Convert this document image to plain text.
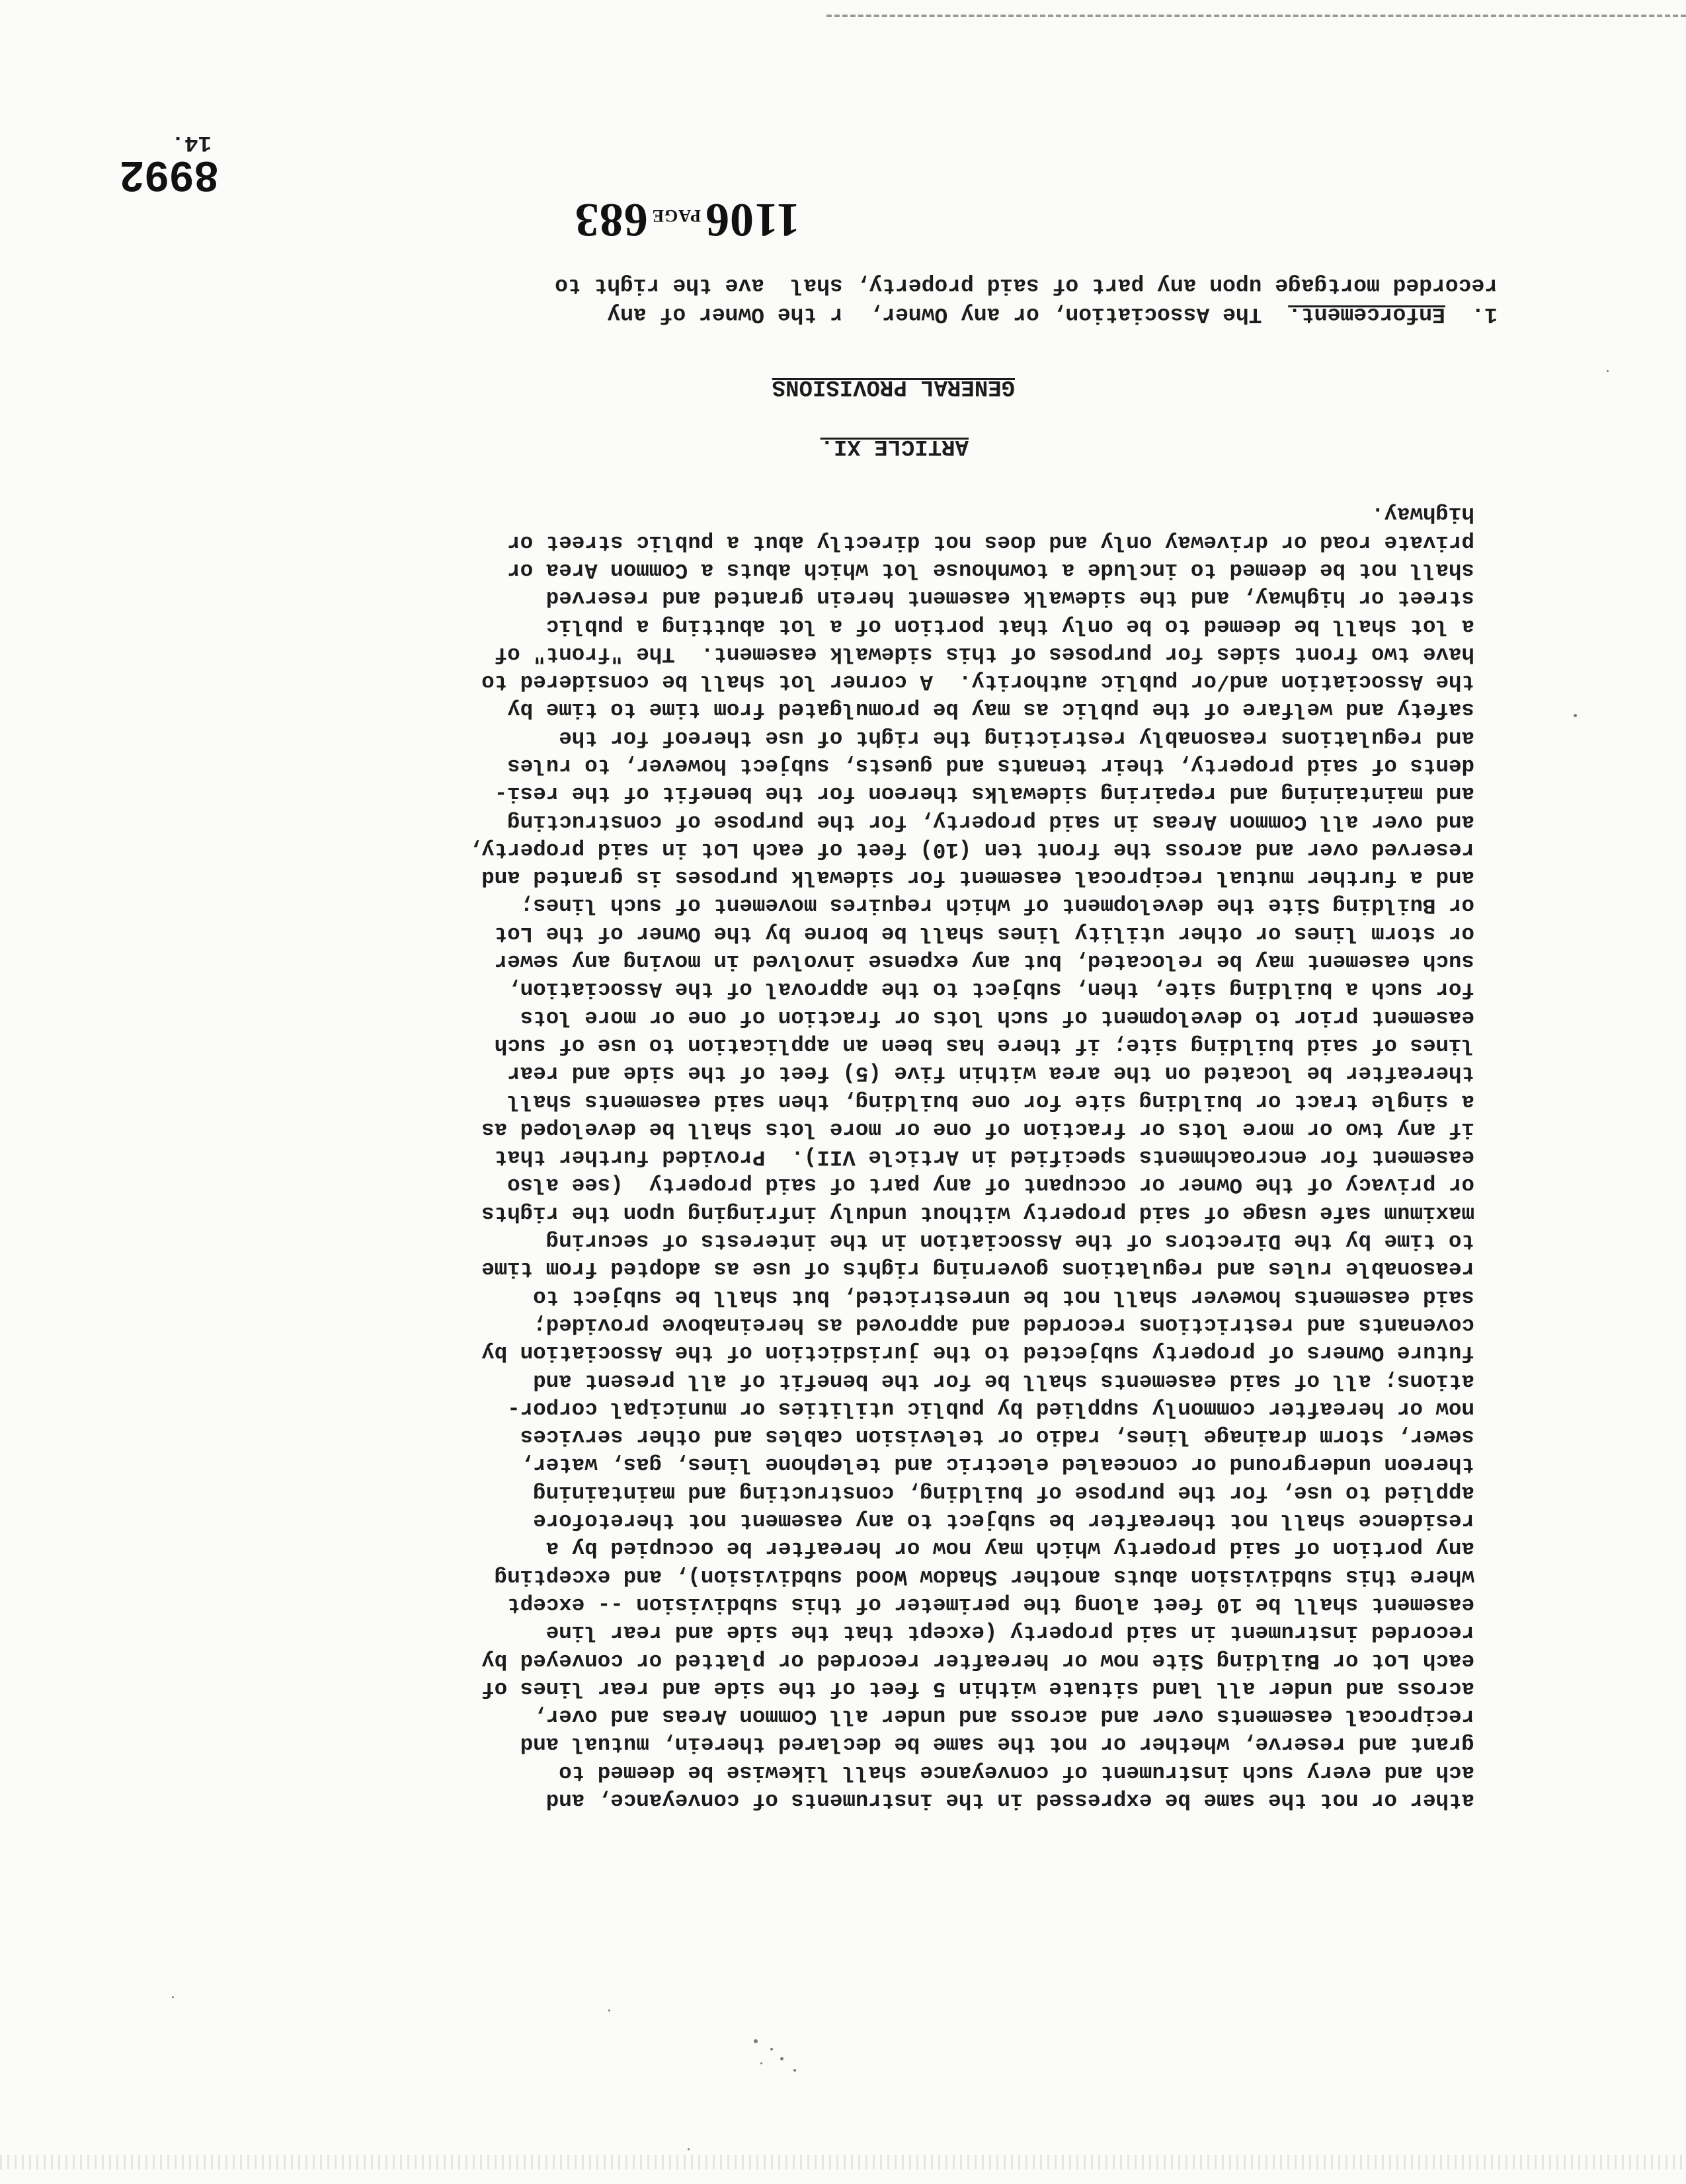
8992
ather or not the same be expressed in the instruments of conveyance, and
ach and every such instrument of conveyance shall likewise be deemed to
grant and reserve, whether or not the same be declared therein, mutual and
reciprocal easements over and across and under all Common Areas and over,
across and under all land situate within 5 feet of the side and rear lines of
each Lot or Building Site now or hereafter recorded or platted or conveyed by
recorded instrument in said property (except that the side and rear line
easement shall be 10 feet along the perimeter of this subdivision -- except
where this subdivision abuts another Shadow Wood subdivision), and excepting
any portion of said property which may now or hereafter be occupied by a
residence shall not thereafter be subject to any easement not theretofore
applied to use, for the purpose of building, constructing and maintaining
thereon underground or concealed electric and telephone lines, gas, water,
sewer, storm drainage lines, radio or television cables and other services
now or hereafter commonly supplied by public utilities or municipal corpor-
ations; all of said easements shall be for the benefit of all present and
future Owners of property subjected to the jurisdiction of the Association by
covenants and restrictions recorded and approved as hereinabove provided;
said easements however shall not be unrestricted, but shall be subject to
reasonable rules and regulations governing rights of use as adopted from time
to time by the Directors of the Association in the interests of securing
maximum safe usage of said property without unduly infringing upon the rights
or privacy of the Owner or occupant of any part of said property  (see also
easement for encroachments specified in Article VII).  Provided further that
if any two or more lots or fraction of one or more lots shall be developed as
a single tract or building site for one building, then said easements shall
thereafter be located on the area within five (5) feet of the side and rear
lines of said building site; if there has been an application to use of such
easement prior to development of such lots or fraction of one or more lots
for such a building site, then, subject to the approval of the Association,
such easement may be relocated, but any expense involved in moving any sewer
or storm lines or other utility lines shall be borne by the Owner of the Lot
or Building Site the development of which requires movement of such lines;
and a further mutual reciprocal easement for sidewalk purposes is granted and
reserved over and across the front ten (10) feet of each Lot in said property,
and over all Common Areas in said property, for the purpose of constructing
and maintaining and repairing sidewalks thereon for the benefit of the resi-
dents of said property, their tenants and guests, subject however, to rules
and regulations reasonably restricting the right of use thereof for the
safety and welfare of the public as may be promulgated from time to time by
the Association and/or public authority.  A corner lot shall be considered to
have two front sides for purposes of this sidewalk easement.  The "front" of
a lot shall be deemed to be only that portion of a lot abutting a public
street or highway, and the sidewalk easement herein granted and reserved
shall not be deemed to include a townhouse lot which abuts a Common Area or
private road or driveway only and does not directly abut a public street or
highway.
ARTICLE XI.
GENERAL PROVISIONS
1.  Enforcement.  The Association, or any Owner,  r the Owner of any
recorded mortgage upon any part of said property, shal  ave the right to
1106PAGE683
14.
